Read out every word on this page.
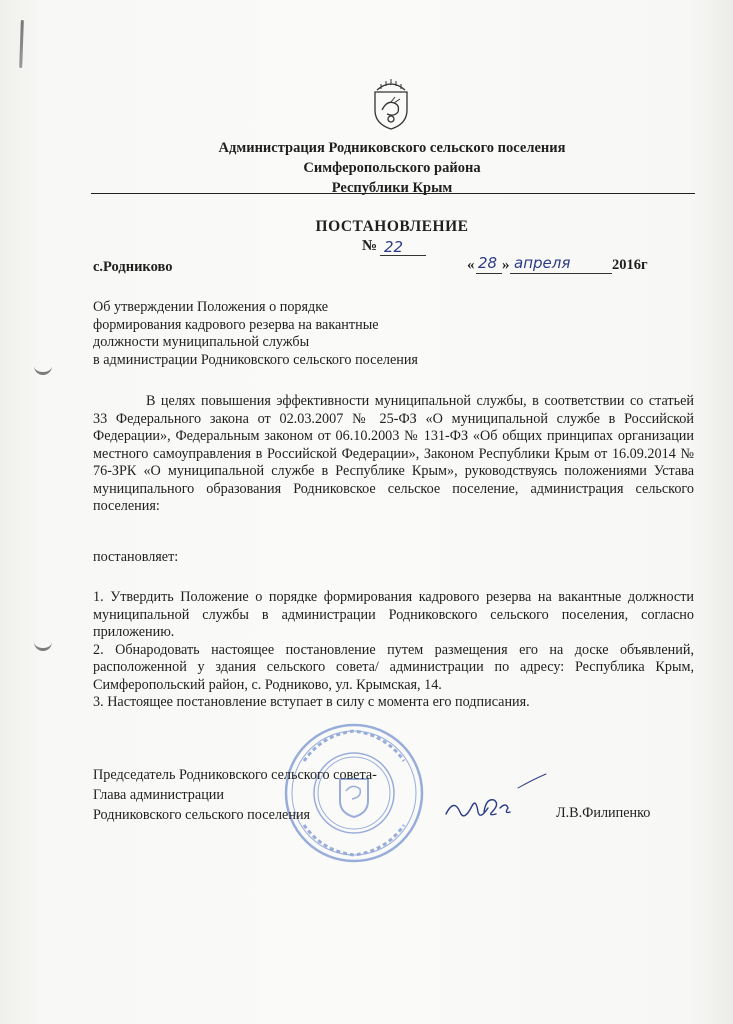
Администрация Родниковского сельского поселения
Симферопольского района
Республики Крым
ПОСТАНОВЛЕНИЕ
№ 22
с.Родниково	« 28 » апреля	2016г
Об утверждении Положения о порядке
формирования кадрового резерва на вакантные
должности муниципальной службы
в администрации Родниковского сельского поселения

В целях повышения эффективности муниципальной службы, в соответствии со статьей 33 Федерального закона от 02.03.2007 № 25-ФЗ «О муниципальной службе в Российской Федерации», Федеральным законом от 06.10.2003 № 131-ФЗ «Об общих принципах организации местного самоуправления в Российской Федерации», Законом Республики Крым от 16.09.2014 № 76-ЗРК «О муниципальной службе в Республике Крым», руководствуясь положениями Устава муниципального образования Родниковское сельское поселение, администрация сельского поселения:

постановляет:

1. Утвердить Положение о порядке формирования кадрового резерва на вакантные должности муниципальной службы в администрации Родниковского сельского поселения, согласно приложению.

2. Обнародовать настоящее постановление путем размещения его на доске объявлений, расположенной у здания сельского совета/ администрации по адресу: Республика Крым, Симферопольский район, с. Родниково, ул. Крымская, 14.

3. Настоящее постановление вступает в силу с момента его подписания.

Председатель Родниковского сельского совета-
Глава администрации
Родниковского сельского поселения	Л.В.Филипенко
